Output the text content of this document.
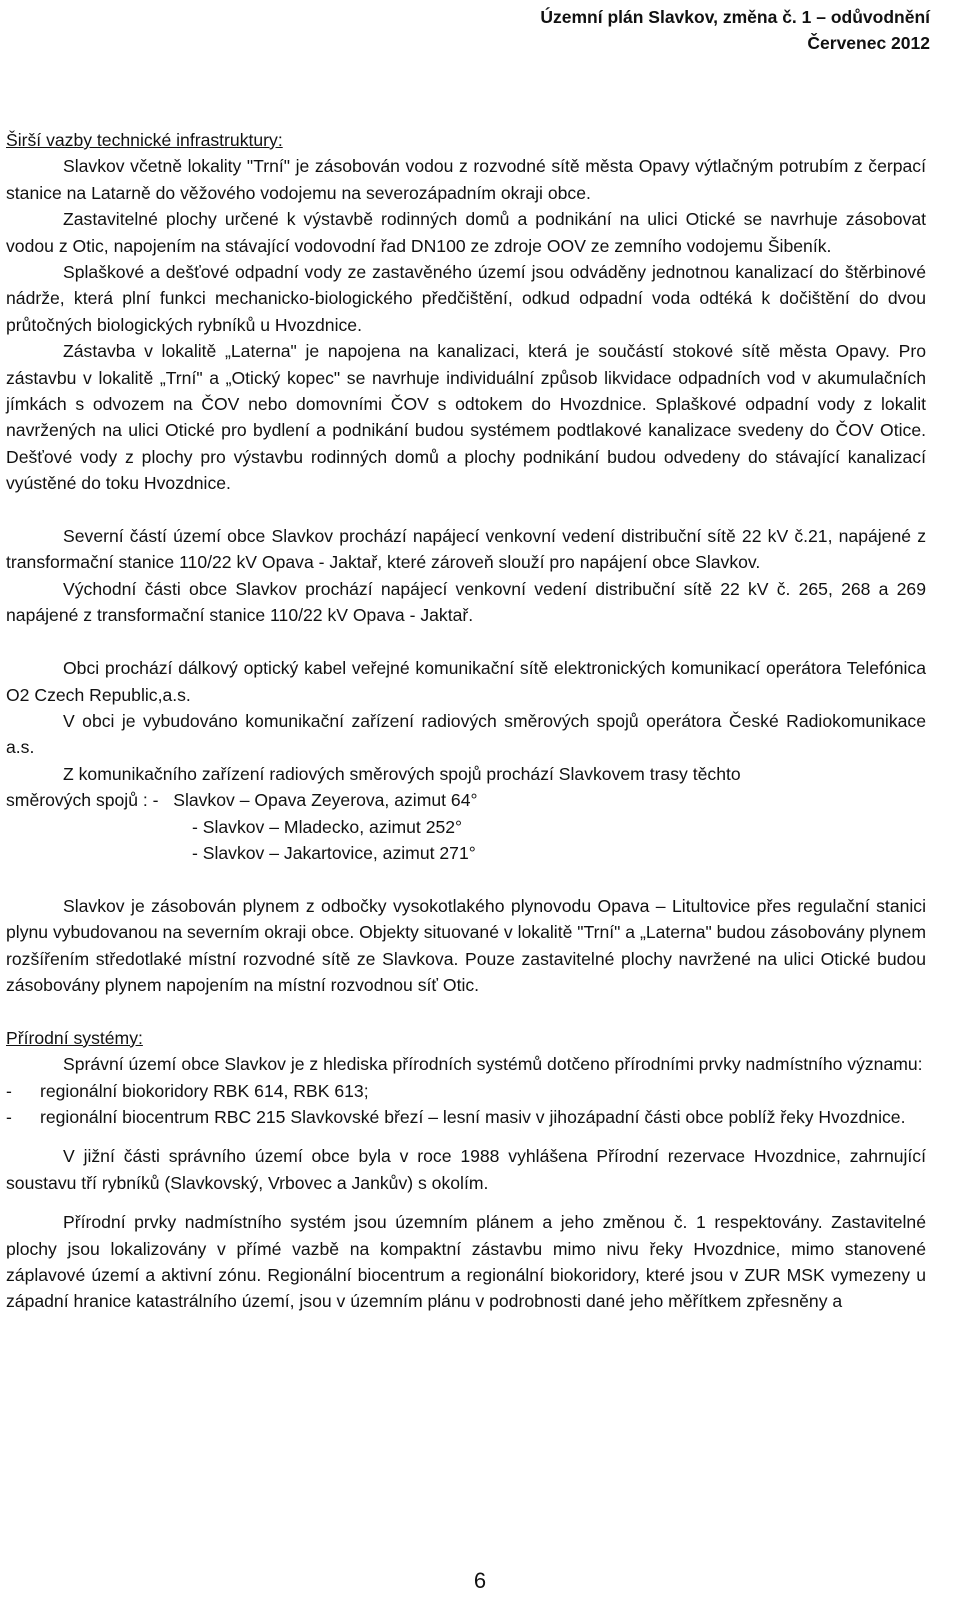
Územní plán Slavkov, změna č. 1 – odůvodnění
Červenec 2012

Širší vazby technické infrastruktury:

Slavkov včetně lokality "Trní" je zásobován vodou z rozvodné sítě města Opavy výtlačným potrubím z čerpací stanice na Latarně do věžového vodojemu na severozápadním okraji obce.

Zastavitelné plochy určené k výstavbě rodinných domů a podnikání na ulici Otické se navrhuje zásobovat vodou z Otic, napojením na stávající vodovodní řad DN100 ze zdroje OOV ze zemního vodojemu Šibeník.

Splaškové a dešťové odpadní vody ze zastavěného území jsou odváděny jednotnou kanalizací do štěrbinové nádrže, která plní funkci mechanicko-biologického předčištění, odkud odpadní voda odtéká k dočištění do dvou průtočných biologických rybníků u Hvozdnice.

Zástavba v lokalitě „Laterna" je napojena na kanalizaci, která je součástí stokové sítě města Opavy. Pro zástavbu v lokalitě „Trní" a „Otický kopec" se navrhuje individuální způsob likvidace odpadních vod v akumulačních jímkách s odvozem na ČOV nebo domovními ČOV s odtokem do Hvozdnice. Splaškové odpadní vody z lokalit navržených na ulici Otické pro bydlení a podnikání budou systémem podtlakové kanalizace svedeny do ČOV Otice. Dešťové vody z plochy pro výstavbu rodinných domů a plochy podnikání budou odvedeny do stávající kanalizací vyústěné do toku Hvozdnice.

Severní částí území obce Slavkov prochází napájecí venkovní vedení distribuční sítě 22 kV č.21, napájené z transformační stanice 110/22 kV Opava - Jaktař, které zároveň slouží pro napájení obce Slavkov.

Východní části obce Slavkov prochází napájecí venkovní vedení distribuční sítě 22 kV č. 265, 268 a 269 napájené z transformační stanice 110/22 kV Opava - Jaktař.

Obci prochází dálkový optický kabel veřejné komunikační sítě elektronických komunikací operátora Telefónica O2 Czech Republic,a.s.

V obci je vybudováno komunikační zařízení radiových směrových spojů operátora České Radiokomunikace a.s.

Z komunikačního zařízení radiových směrových spojů prochází Slavkovem trasy těchto

směrových spojů : -
Slavkov – Opava Zeyerova, azimut 64°
- Slavkov – Mladecko, azimut 252°
- Slavkov – Jakartovice, azimut 271°

Slavkov je zásobován plynem z odbočky vysokotlakého plynovodu Opava – Litultovice přes regulační stanici plynu vybudovanou na severním okraji obce. Objekty situované v lokalitě "Trní" a „Laterna" budou zásobovány plynem rozšířením středotlaké místní rozvodné sítě ze Slavkova. Pouze zastavitelné plochy navržené na ulici Otické budou zásobovány plynem napojením na místní rozvodnou síť Otic.

Přírodní systémy:

Správní území obce Slavkov je z hlediska přírodních systémů dotčeno přírodními prvky nadmístního významu:

-	regionální biokoridory RBK 614, RBK 613;
-	regionální biocentrum RBC 215 Slavkovské březí – lesní masiv v jihozápadní části obce poblíž řeky Hvozdnice.

V jižní části správního území obce byla v roce 1988 vyhlášena Přírodní rezervace Hvozdnice, zahrnující soustavu tří rybníků (Slavkovský, Vrbovec a Jankův) s okolím.

Přírodní prvky nadmístního systém jsou územním plánem a jeho změnou č. 1 respektovány. Zastavitelné plochy jsou lokalizovány v přímé vazbě na kompaktní zástavbu mimo nivu řeky Hvozdnice, mimo stanovené záplavové území a aktivní zónu. Regionální biocentrum a regionální biokoridory, které jsou v ZUR MSK vymezeny u západní hranice katastrálního území, jsou v územním plánu v podrobnosti dané jeho měřítkem zpřesněny a

6
